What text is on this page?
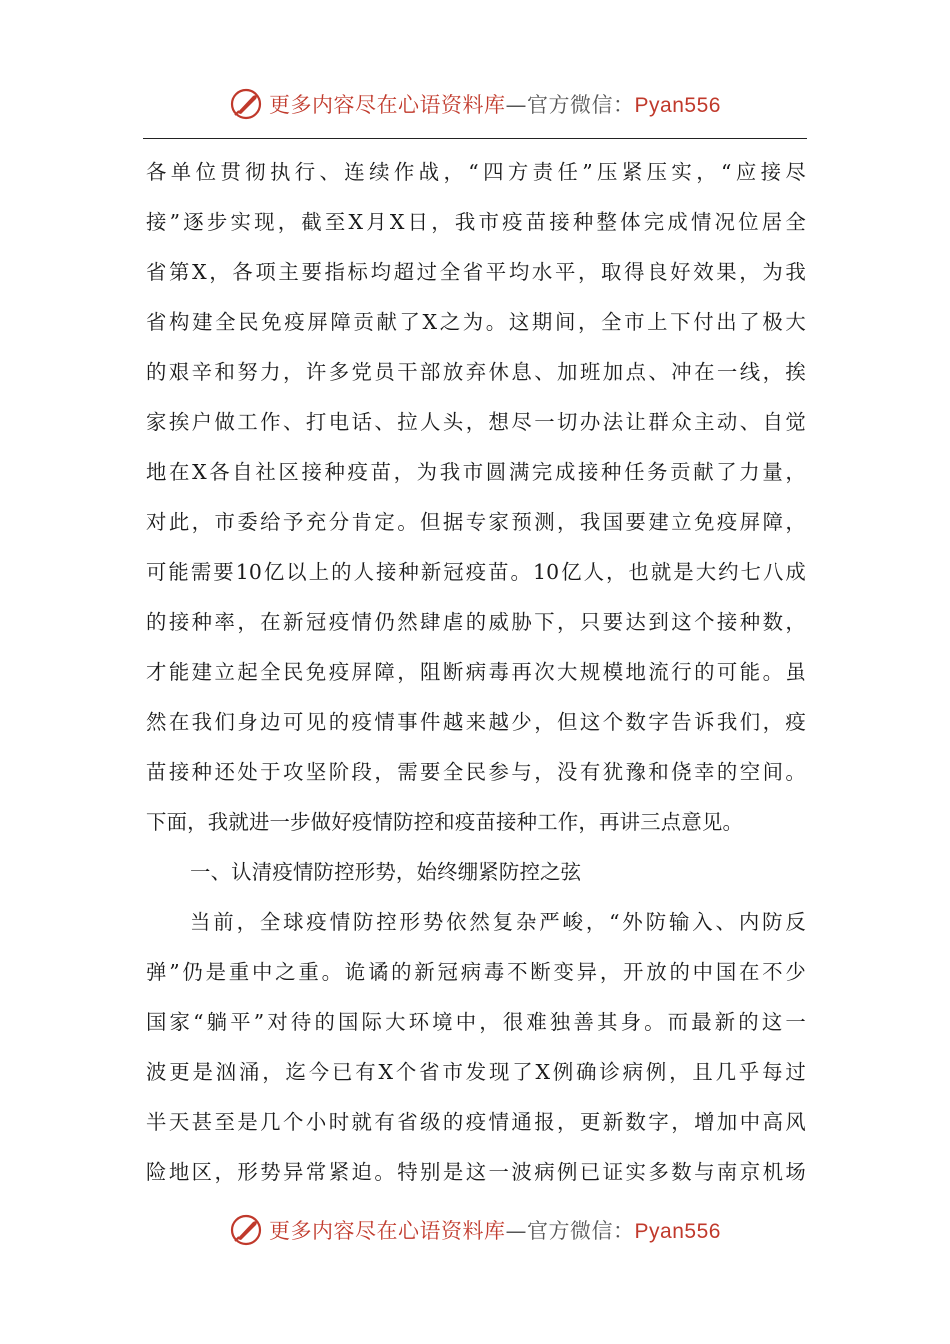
更多内容尽在心语资料库—官方微信：Pyan556
各单位贯彻执行、连续作战，“四方责任”压紧压实，“应接尽
接”逐步实现，截至X月X日，我市疫苗接种整体完成情况位居全
省第X，各项主要指标均超过全省平均水平，取得良好效果，为我
省构建全民免疫屏障贡献了X之为。这期间，全市上下付出了极大
的艰辛和努力，许多党员干部放弃休息、加班加点、冲在一线，挨
家挨户做工作、打电话、拉人头，想尽一切办法让群众主动、自觉
地在X各自社区接种疫苗，为我市圆满完成接种任务贡献了力量，
对此，市委给予充分肯定。但据专家预测，我国要建立免疫屏障，
可能需要10亿以上的人接种新冠疫苗。10亿人，也就是大约七八成
的接种率，在新冠疫情仍然肆虐的威胁下，只要达到这个接种数，
才能建立起全民免疫屏障，阻断病毒再次大规模地流行的可能。虽
然在我们身边可见的疫情事件越来越少，但这个数字告诉我们，疫
苗接种还处于攻坚阶段，需要全民参与，没有犹豫和侥幸的空间。
下面，我就进一步做好疫情防控和疫苗接种工作，再讲三点意见。
一、认清疫情防控形势，始终绷紧防控之弦
当前，全球疫情防控形势依然复杂严峻，“外防输入、内防反
弹”仍是重中之重。诡谲的新冠病毒不断变异，开放的中国在不少
国家“躺平”对待的国际大环境中，很难独善其身。而最新的这一
波更是汹涌，迄今已有X个省市发现了X例确诊病例，且几乎每过
半天甚至是几个小时就有省级的疫情通报，更新数字，增加中高风
险地区，形势异常紧迫。特别是这一波病例已证实多数与南京机场
更多内容尽在心语资料库—官方微信：Pyan556
